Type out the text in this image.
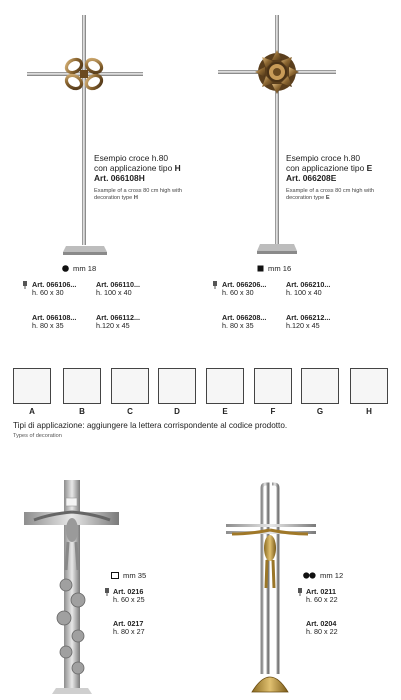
Esempio croce h.80
con applicazione tipo H
Art. 066108H
Example of a cross 80 cm high with
decoration type H
mm 18
Art. 066106...
h. 60 x 30
Art. 066110...
h. 100 x 40
Art. 066108...
h. 80 x 35
Art. 066112...
h.120 x 45
Esempio croce h.80
con applicazione tipo E
Art. 066208E
Example of a cross 80 cm high with
decoration type E
mm 16
Art. 066206...
h. 60 x 30
Art. 066210...
h. 100 x 40
Art. 066208...
h. 80 x 35
Art. 066212...
h.120 x 45
A	B	C	D	E	F	G	H
Tipi di applicazione: aggiungere la lettera corrispondente al codice prodotto.
Types of decoration
mm 35
Art. 0216
h. 60 x 25
Art. 0217
h. 80 x 27
mm 12
Art. 0211
h. 60 x 22
Art. 0204
h. 80 x 22
